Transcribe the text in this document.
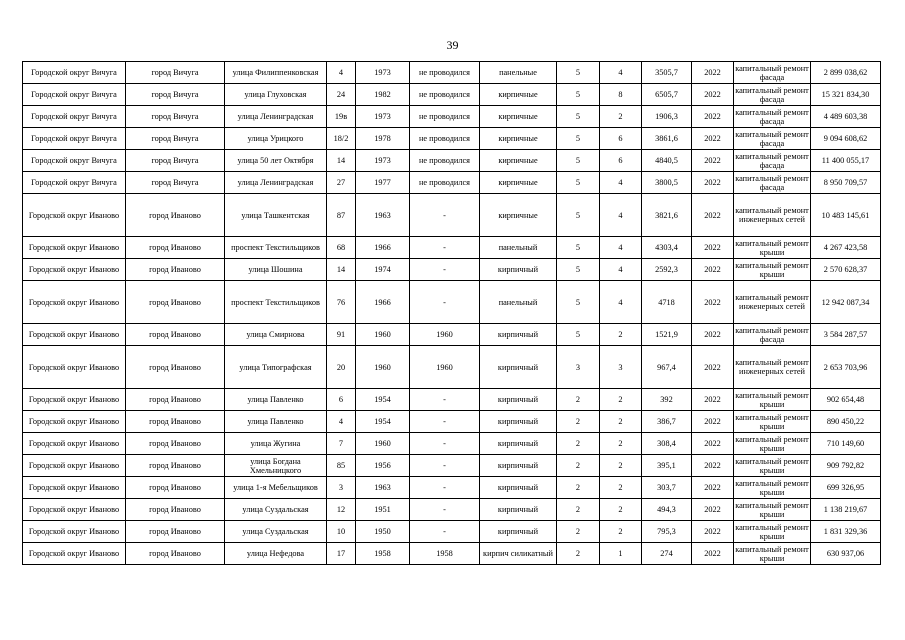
39
Городской округ Вичуга	город Вичуга	улица Филиппенковская	4	1973	не проводился	панельные	5	4	3505,7	2022	капитальный ремонт фасада	2 899 038,62
Городской округ Вичуга	город Вичуга	улица Глуховская	24	1982	не проводился	кирпичные	5	8	6505,7	2022	капитальный ремонт фасада	15 321 834,30
Городской округ Вичуга	город Вичуга	улица Ленинградская	19в	1973	не проводился	кирпичные	5	2	1906,3	2022	капитальный ремонт фасада	4 489 603,38
Городской округ Вичуга	город Вичуга	улица Урицкого	18/2	1978	не проводился	кирпичные	5	6	3861,6	2022	капитальный ремонт фасада	9 094 608,62
Городской округ Вичуга	город Вичуга	улица 50 лет Октября	14	1973	не проводился	кирпичные	5	6	4840,5	2022	капитальный ремонт фасада	11 400 055,17
Городской округ Вичуга	город Вичуга	улица Ленинградская	27	1977	не проводился	кирпичные	5	4	3800,5	2022	капитальный ремонт фасада	8 950 709,57
Городской округ Иваново	город Иваново	улица Ташкентская	87	1963	-	кирпичные	5	4	3821,6	2022	капитальный ремонт инженерных сетей	10 483 145,61
Городской округ Иваново	город Иваново	проспект Текстильщиков	68	1966	-	панельный	5	4	4303,4	2022	капитальный ремонт крыши	4 267 423,58
Городской округ Иваново	город Иваново	улица Шошина	14	1974	-	кирпичный	5	4	2592,3	2022	капитальный ремонт крыши	2 570 628,37
Городской округ Иваново	город Иваново	проспект Текстильщиков	76	1966	-	панельный	5	4	4718	2022	капитальный ремонт инженерных сетей	12 942 087,34
Городской округ Иваново	город Иваново	улица Смирнова	91	1960	1960	кирпичный	5	2	1521,9	2022	капитальный ремонт фасада	3 584 287,57
Городской округ Иваново	город Иваново	улица Типографская	20	1960	1960	кирпичный	3	3	967,4	2022	капитальный ремонт инженерных сетей	2 653 703,96
Городской округ Иваново	город Иваново	улица Павленко	6	1954	-	кирпичный	2	2	392	2022	капитальный ремонт крыши	902 654,48
Городской округ Иваново	город Иваново	улица Павленко	4	1954	-	кирпичный	2	2	386,7	2022	капитальный ремонт крыши	890 450,22
Городской округ Иваново	город Иваново	улица Жугина	7	1960	-	кирпичный	2	2	308,4	2022	капитальный ремонт крыши	710 149,60
Городской округ Иваново	город Иваново	улица Богдана Хмельницкого	85	1956	-	кирпичный	2	2	395,1	2022	капитальный ремонт крыши	909 792,82
Городской округ Иваново	город Иваново	улица 1-я Мебельщиков	3	1963	-	кирпичный	2	2	303,7	2022	капитальный ремонт крыши	699 326,95
Городской округ Иваново	город Иваново	улица Суздальская	12	1951	-	кирпичный	2	2	494,3	2022	капитальный ремонт крыши	1 138 219,67
Городской округ Иваново	город Иваново	улица Суздальская	10	1950	-	кирпичный	2	2	795,3	2022	капитальный ремонт крыши	1 831 329,36
Городской округ Иваново	город Иваново	улица Нефедова	17	1958	1958	кирпич силикатный	2	1	274	2022	капитальный ремонт крыши	630 937,06
